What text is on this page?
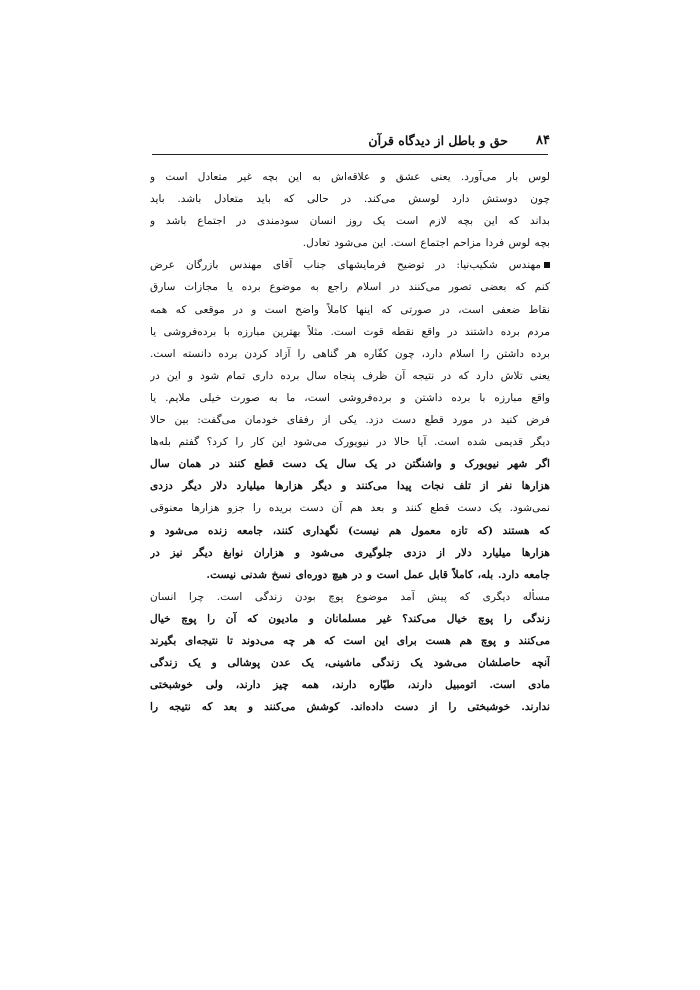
۸۴
حق و باطل از دیدگاه قرآن
لوس بار می‌آورد. یعنی عشق و علاقه‌اش به این بچه غیر متعادل است و
چون دوستش دارد لوسش می‌کند. در حالی که باید متعادل باشد. باید
بداند که این بچه لازم است یک روز انسان سودمندی در اجتماع باشد و
بچه لوس فردا مزاحم اجتماع است. این می‌شود تعادل.
مهندس شکیب‌نیا: در توضیح فرمایشهای جناب آقای مهندس بازرگان عرض
کنم که بعضی تصور می‌کنند در اسلام راجع به موضوع برده یا مجازات سارق
نقاط ضعفی است، در صورتی که اینها کاملاً واضح است و در موقعی که همه
مردم برده داشتند در واقع نقطه قوت است. مثلاً بهترین مبارزه با برده‌فروشی یا
برده داشتن را اسلام دارد، چون کفّاره هر گناهی را آزاد کردن برده دانسته است.
یعنی تلاش دارد که در نتیجه آن ظرف پنجاه سال برده داری تمام شود و این در
واقع مبارزه با برده داشتن و برده‌فروشی است، ما به صورت خیلی ملایم. یا
فرض کنید در مورد قطع دست دزد. یکی از رفقای خودمان می‌گفت: بین حالا
دیگر قدیمی شده است. آیا حالا در نیویورک می‌شود این کار را کرد؟ گفتم بله‌ها
اگر شهر نیویورک و واشنگتن در یک سال یک دست قطع کنند در همان سال
هزارها نفر از تلف نجات پیدا می‌کنند و دیگر هزارها میلیارد دلار دیگر دزدی
نمی‌شود. یک دست قطع کنند و بعد هم آن دست بریده را جزو هزارها معنوقی
که هستند (که تازه معمول هم نیست) نگهداری کنند، جامعه زنده می‌شود و
هزارها میلیارد دلار از دزدی جلوگیری می‌شود و هزاران نوابغ دیگر نیز در
جامعه دارد. بله، کاملاً قابل عمل است و در هیچ دوره‌ای نسخ شدنی نیست.
مسأله دیگری که پیش آمد موضوع پوچ بودن زندگی است. چرا انسان
زندگی را پوچ خیال می‌کند؟ غیر مسلمانان و مادیون که آن را پوچ خیال
می‌کنند و پوچ هم هست برای این است که هر چه می‌دوند تا نتیجه‌ای بگیرند
آنچه حاصلشان می‌شود یک زندگی ماشینی، یک عدن پوشالی و یک زندگی
مادی است. اتومبیل دارند، طیّاره دارند، همه چیز دارند، ولی خوشبختی
ندارند. خوشبختی را از دست داده‌اند. کوشش می‌کنند و بعد که نتیجه را
